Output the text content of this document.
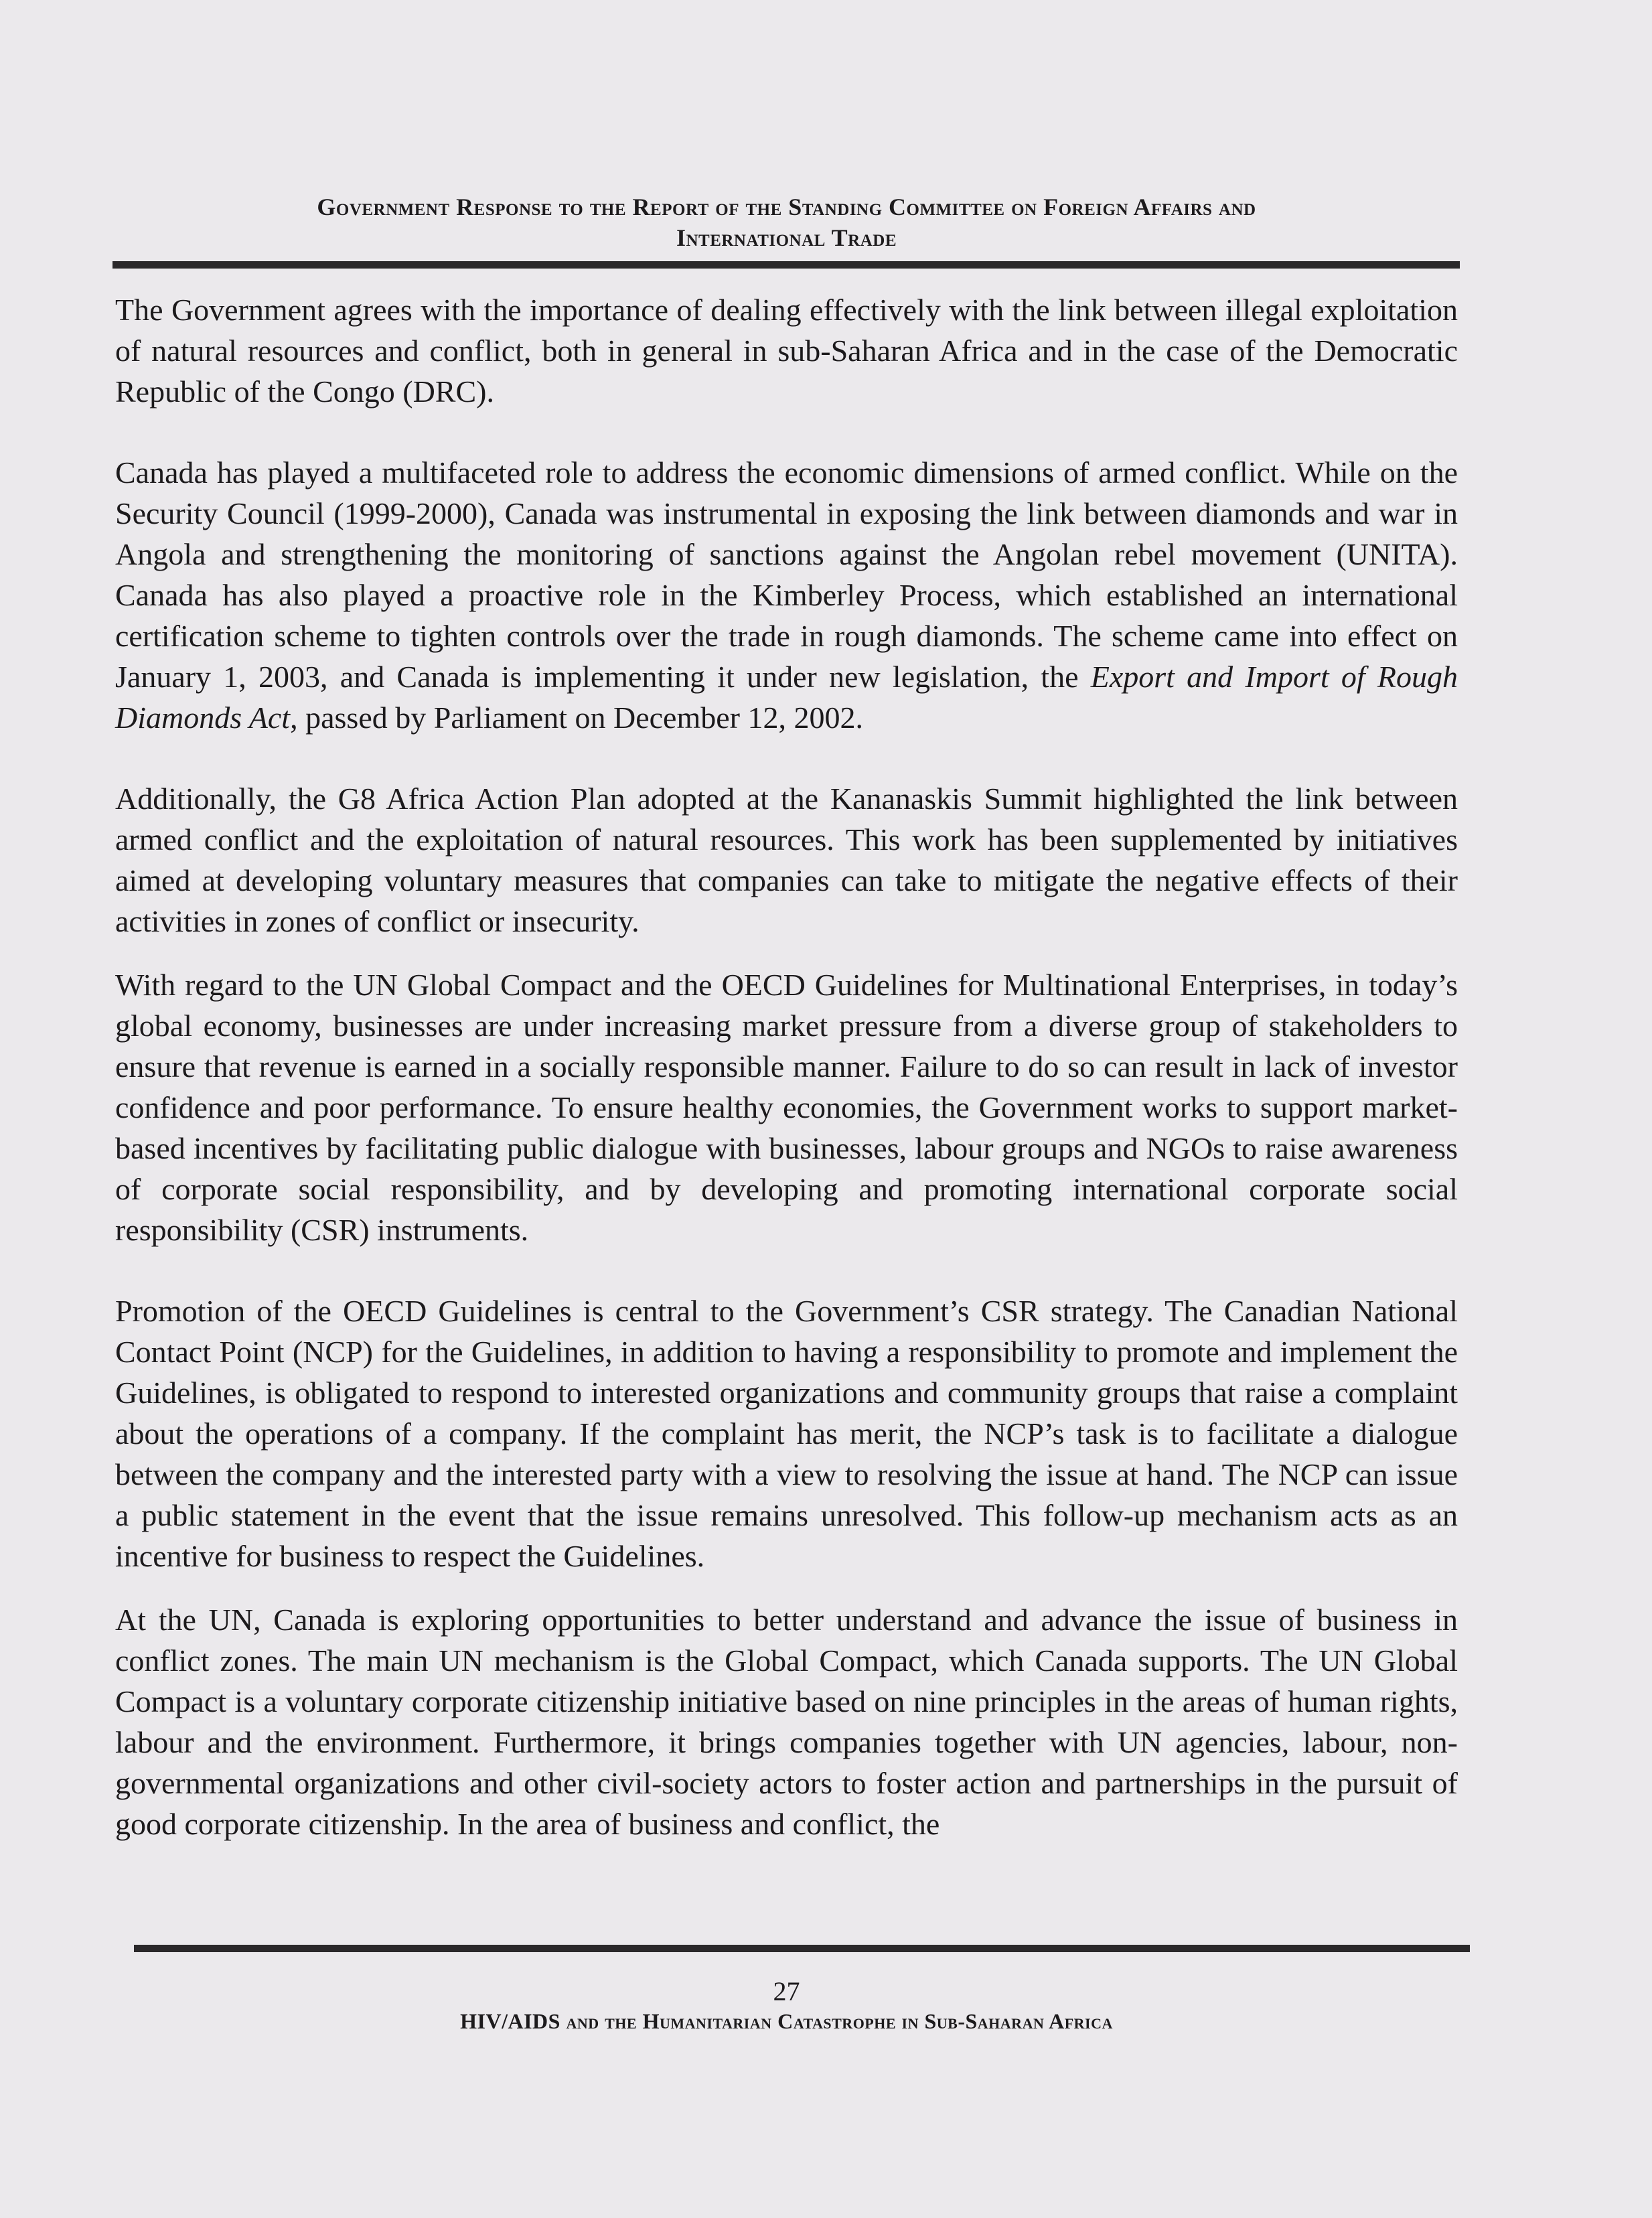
Government Response to the Report of the Standing Committee on Foreign Affairs and
International Trade

The Government agrees with the importance of dealing effectively with the link between illegal exploitation of natural resources and conflict, both in general in sub-Saharan Africa and in the case of the Democratic Republic of the Congo (DRC).

Canada has played a multifaceted role to address the economic dimensions of armed conflict. While on the Security Council (1999-2000), Canada was instrumental in exposing the link between diamonds and war in Angola and strengthening the monitoring of sanctions against the Angolan rebel movement (UNITA). Canada has also played a proactive role in the Kimberley Process, which established an international certification scheme to tighten controls over the trade in rough diamonds. The scheme came into effect on January 1, 2003, and Canada is implementing it under new legislation, the Export and Import of Rough Diamonds Act, passed by Parliament on December 12, 2002.

Additionally, the G8 Africa Action Plan adopted at the Kananaskis Summit highlighted the link between armed conflict and the exploitation of natural resources. This work has been supplemented by initiatives aimed at developing voluntary measures that companies can take to mitigate the negative effects of their activities in zones of conflict or insecurity.

With regard to the UN Global Compact and the OECD Guidelines for Multinational Enterprises, in today’s global economy, businesses are under increasing market pressure from a diverse group of stakeholders to ensure that revenue is earned in a socially responsible manner. Failure to do so can result in lack of investor confidence and poor performance. To ensure healthy economies, the Government works to support market-based incentives by facilitating public dialogue with businesses, labour groups and NGOs to raise awareness of corporate social responsibility, and by developing and promoting international corporate social responsibility (CSR) instruments.

Promotion of the OECD Guidelines is central to the Government’s CSR strategy. The Canadian National Contact Point (NCP) for the Guidelines, in addition to having a responsibility to promote and implement the Guidelines, is obligated to respond to interested organizations and community groups that raise a complaint about the operations of a company. If the complaint has merit, the NCP’s task is to facilitate a dialogue between the company and the interested party with a view to resolving the issue at hand. The NCP can issue a public statement in the event that the issue remains unresolved. This follow-up mechanism acts as an incentive for business to respect the Guidelines.

At the UN, Canada is exploring opportunities to better understand and advance the issue of business in conflict zones. The main UN mechanism is the Global Compact, which Canada supports. The UN Global Compact is a voluntary corporate citizenship initiative based on nine principles in the areas of human rights, labour and the environment. Furthermore, it brings companies together with UN agencies, labour, non-governmental organizations and other civil-society actors to foster action and partnerships in the pursuit of good corporate citizenship. In the area of business and conflict, the

27
HIV/AIDS and the Humanitarian Catastrophe in Sub-Saharan Africa
